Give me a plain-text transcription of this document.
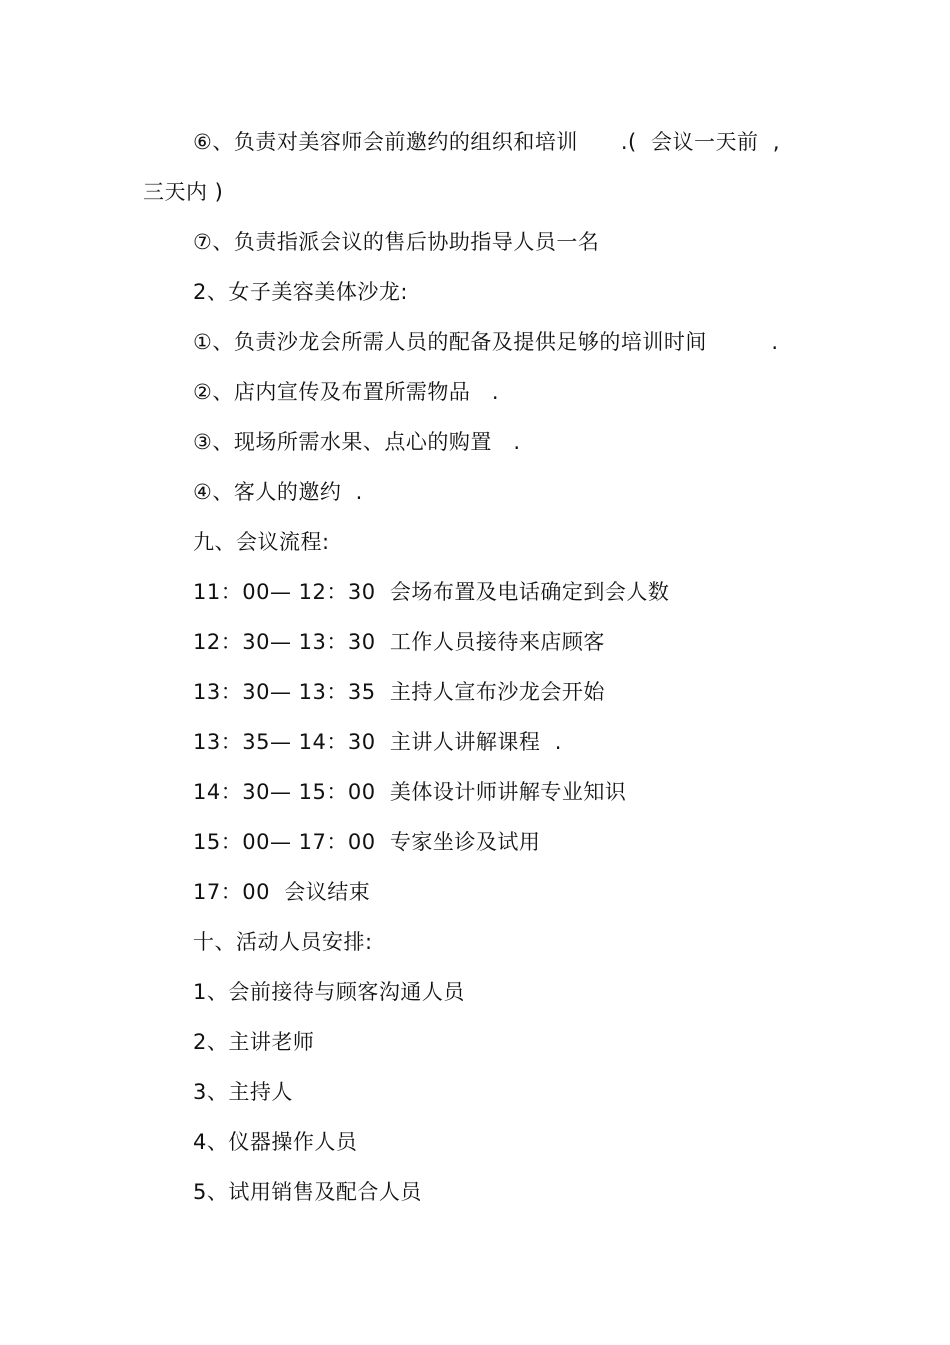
⑥、负责对美容师会前邀约的组织和培训　　.(  会议一天前  ,
三天内 )
⑦、负责指派会议的售后协助指导人员一名
2、女子美容美体沙龙:
①、负责沙龙会所需人员的配备及提供足够的培训时间　　　.
②、店内宣传及布置所需物品　.
③、现场所需水果、点心的购置　.
④、客人的邀约  .
九、会议流程:
11：00— 12：30  会场布置及电话确定到会人数
12：30— 13：30  工作人员接待来店顾客
13：30— 13：35  主持人宣布沙龙会开始
13：35— 14：30  主讲人讲解课程  .
14：30— 15：00  美体设计师讲解专业知识
15：00— 17：00  专家坐诊及试用
17：00  会议结束
十、活动人员安排:
1、会前接待与顾客沟通人员
2、主讲老师
3、主持人
4、仪器操作人员
5、试用销售及配合人员
